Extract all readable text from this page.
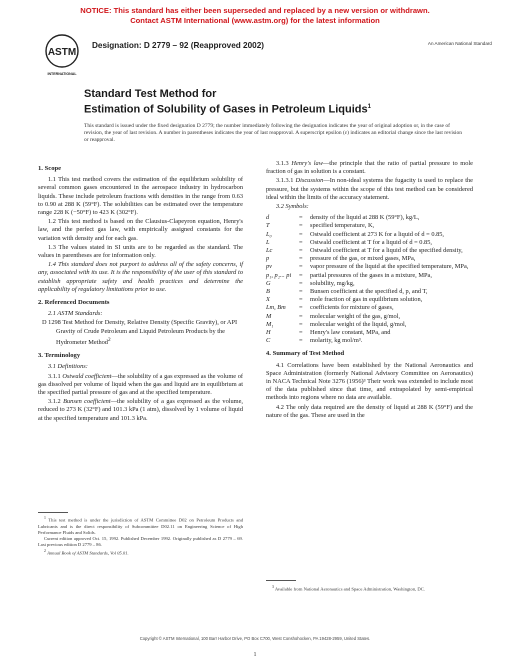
NOTICE: This standard has either been superseded and replaced by a new version or withdrawn.
Contact ASTM International (www.astm.org) for the latest information
ASTM
INTERNATIONAL
Designation: D 2779 – 92 (Reapproved 2002)	An American National Standard
Standard Test Method for
Estimation of Solubility of Gases in Petroleum Liquids$^1$
This standard is issued under the fixed designation D 2779; the number immediately following the designation indicates the year of original adoption or, in the case of revision, the year of last revision. A number in parentheses indicates the year of last reapproval. A superscript epsilon (ε) indicates an editorial change since the last revision or reapproval.
1. Scope

1.1 This test method covers the estimation of the equilibrium solubility of several common gases encountered in the aerospace industry in hydrocarbon liquids. These include petroleum fractions with densities in the range from 0.63 to 0.90 at 288 K (59°F). The solubilities can be estimated over the temperature range 228 K (−50°F) to 423 K (302°F).

1.2 This test method is based on the Clausius-Clapeyron equation, Henry's law, and the perfect gas law, with empirically assigned constants for the variation with density and for each gas.

1.3 The values stated in SI units are to be regarded as the standard. The values in parentheses are for information only.

1.4 This standard does not purport to address all of the safety concerns, if any, associated with its use. It is the responsibility of the user of this standard to establish appropriate safety and health practices and determine the applicability of regulatory limitations prior to use.

2. Referenced Documents

2.1 ASTM Standards:

D 1298 Test Method for Density, Relative Density (Specific Gravity), or API Gravity of Crude Petroleum and Liquid Petroleum Products by the Hydrometer Method$^2$

3. Terminology

3.1 Definitions:

3.1.1 Ostwald coefficient—the solubility of a gas expressed as the volume of gas dissolved per volume of liquid when the gas and liquid are in equilibrium at the specified partial pressure of gas and at the specified temperature.

3.1.2 Bunsen coefficient—the solubility of a gas expressed as the volume, reduced to 273 K (32°F) and 101.3 kPa (1 atm), dissolved by 1 volume of liquid at the specified temperature and 101.3 kPa.

$^1$ This test method is under the jurisdiction of ASTM Committee D02 on Petroleum Products and Lubricants and is the direct responsibility of Subcommittee D02.11 on Engineering Science of High Performance Fluids and Solids.

Current edition approved Oct. 15, 1992. Published December 1992. Originally published as D 2779 – 69. Last previous edition D 2779 – 86.

$^2$ Annual Book of ASTM Standards, Vol 05.01.

3.1.3 Henry's law—the principle that the ratio of partial pressure to mole fraction of gas in solution is a constant.

3.1.3.1 Discussion—In non-ideal systems the fugacity is used to replace the pressure, but the systems within the scope of this test method can be considered ideal within the limits of the accuracy statement.

3.2 Symbols:

d	=	density of the liquid at 288 K (59°F), kg/L,
T	=	specified temperature, K,
L₀	=	Ostwald coefficient at 273 K for a liquid of d = 0.85,
L	=	Ostwald coefficient at T for a liquid of d = 0.85,
Lc	=	Ostwald coefficient at T for a liquid of the specified density,
p	=	pressure of the gas, or mixed gases, MPa,
pv	=	vapor pressure of the liquid at the specified temperature, MPa,
p₁, p₂... pi	=	partial pressures of the gases in a mixture, MPa,
G	=	solubility, mg/kg,
B	=	Bunsen coefficient at the specified d, p, and T,
X	=	mole fraction of gas in equilibrium solution,
Lm, Bm	=	coefficients for mixture of gases,
M	=	molecular weight of the gas, g/mol,
M₁	=	molecular weight of the liquid, g/mol,
H	=	Henry's law constant, MPa, and
C	=	molarity, kg mol/m³.
4. Summary of Test Method

4.1 Correlations have been established by the National Aeronautics and Space Administration (formerly National Advisory Committee on Aeronautics) in NACA Technical Note 3276 (1956)³ Their work was extended to include most of the data published since that time, and extrapolated by semi-empirical methods into regions where no data are available.

4.2 The only data required are the density of liquid at 288 K (59°F) and the nature of the gas. These are used in the

$^3$ Available from National Aeronautics and Space Administration, Washington, DC.

Copyright © ASTM International, 100 Barr Harbor Drive, PO Box C700, West Conshohocken, PA 19428-2959, United States.
1
